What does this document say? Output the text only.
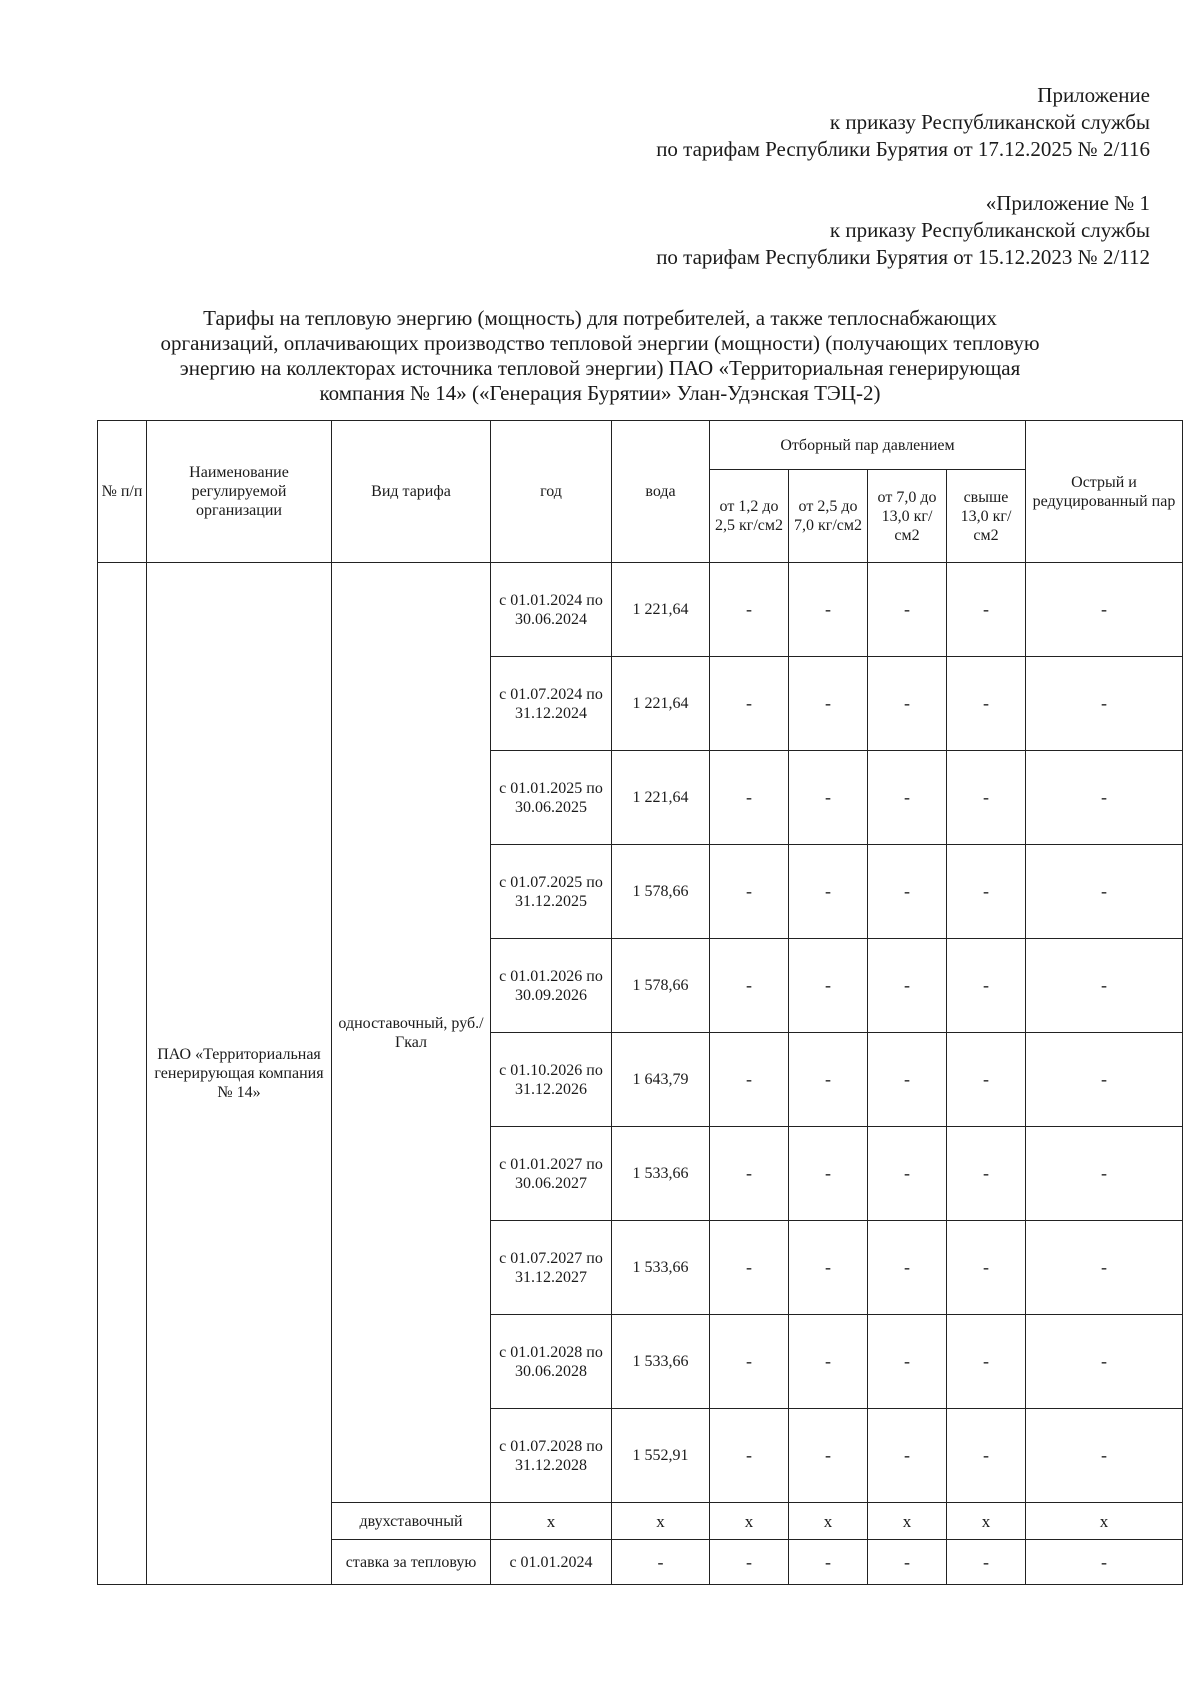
Приложение
к приказу Республиканской службы
по тарифам Республики Бурятия от 17.12.2025 № 2/116
«Приложение № 1
к приказу Республиканской службы
по тарифам Республики Бурятия от 15.12.2023 № 2/112
Тарифы на тепловую энергию (мощность) для потребителей, а также теплоснабжающих
организаций, оплачивающих производство тепловой энергии (мощности) (получающих тепловую
энергию на коллекторах источника тепловой энергии) ПАО «Территориальная генерирующая
компания № 14» («Генерация Бурятии» Улан-Удэнская ТЭЦ-2)
№ п/п	Наименование регулируемой организации	Вид тарифа	год	вода	Отборный пар давлением				Острый и редуцированный пар
					от 1,2 до 2,5 кг/см2	от 2,5 до 7,0 кг/см2	от 7,0 до 13,0 кг/см2	свыше 13,0 кг/см2	
	ПАО «Территориальная генерирующая компания № 14»	одноставочный, руб./Гкал	с 01.01.2024 по 30.06.2024	1 221,64	-	-	-	-	-
			с 01.07.2024 по 31.12.2024	1 221,64	-	-	-	-	-
			с 01.01.2025 по 30.06.2025	1 221,64	-	-	-	-	-
			с 01.07.2025 по 31.12.2025	1 578,66	-	-	-	-	-
			с 01.01.2026 по 30.09.2026	1 578,66	-	-	-	-	-
			с 01.10.2026 по 31.12.2026	1 643,79	-	-	-	-	-
			с 01.01.2027 по 30.06.2027	1 533,66	-	-	-	-	-
			с 01.07.2027 по 31.12.2027	1 533,66	-	-	-	-	-
			с 01.01.2028 по 30.06.2028	1 533,66	-	-	-	-	-
			с 01.07.2028 по 31.12.2028	1 552,91	-	-	-	-	-
		двухставочный	х	х	х	х	х	х	х
		ставка за тепловую	с 01.01.2024	-	-	-	-	-	-
